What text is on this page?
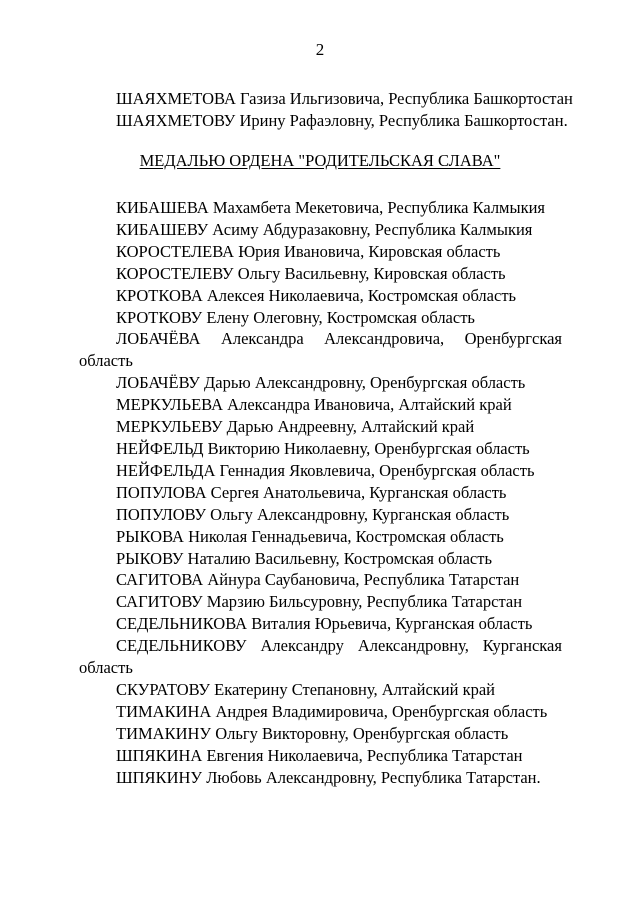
2
ШАЯХМЕТОВА Газиза Ильгизовича, Республика Башкортостан
ШАЯХМЕТОВУ Ирину Рафаэловну, Республика Башкортостан.
МЕДАЛЬЮ ОРДЕНА "РОДИТЕЛЬСКАЯ СЛАВА"
КИБАШЕВА Махамбета Мекетовича, Республика Калмыкия
КИБАШЕВУ Асиму Абдуразаковну, Республика Калмыкия
КОРОСТЕЛЕВА Юрия Ивановича, Кировская область
КОРОСТЕЛЕВУ Ольгу Васильевну, Кировская область
КРОТКОВА Алексея Николаевича, Костромская область
КРОТКОВУ Елену Олеговну, Костромская область
ЛОБАЧЁВА Александра Александровича, Оренбургская
область
ЛОБАЧЁВУ Дарью Александровну, Оренбургская область
МЕРКУЛЬЕВА Александра Ивановича, Алтайский край
МЕРКУЛЬЕВУ Дарью Андреевну, Алтайский край
НЕЙФЕЛЬД Викторию Николаевну, Оренбургская область
НЕЙФЕЛЬДА Геннадия Яковлевича, Оренбургская область
ПОПУЛОВА Сергея Анатольевича, Курганская область
ПОПУЛОВУ Ольгу Александровну, Курганская область
РЫКОВА Николая Геннадьевича, Костромская область
РЫКОВУ Наталию Васильевну, Костромская область
САГИТОВА Айнура Саубановича, Республика Татарстан
САГИТОВУ Марзию Бильсуровну, Республика Татарстан
СЕДЕЛЬНИКОВА Виталия Юрьевича, Курганская область
СЕДЕЛЬНИКОВУ Александру Александровну, Курганская
область
СКУРАТОВУ Екатерину Степановну, Алтайский край
ТИМАКИНА Андрея Владимировича, Оренбургская область
ТИМАКИНУ Ольгу Викторовну, Оренбургская область
ШПЯКИНА Евгения Николаевича, Республика Татарстан
ШПЯКИНУ Любовь Александровну, Республика Татарстан.
